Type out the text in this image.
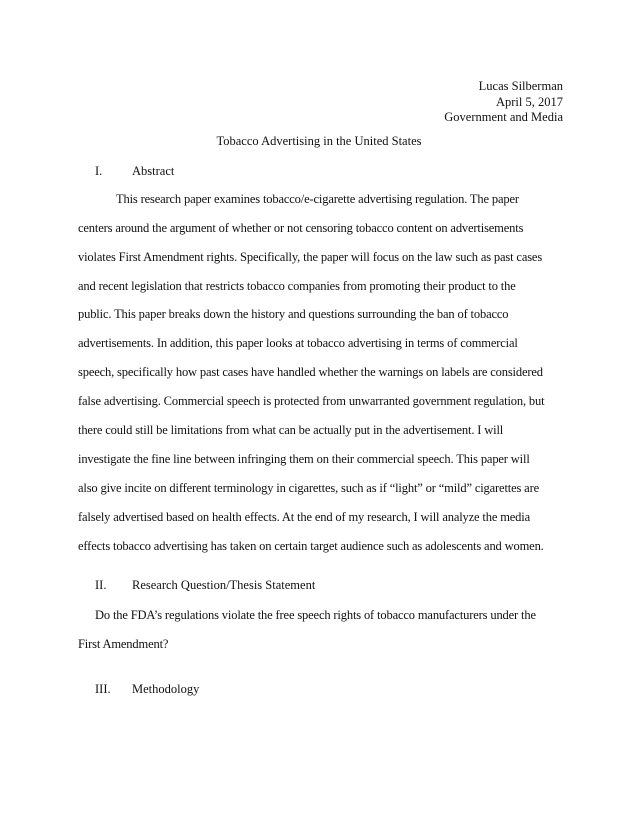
Lucas Silberman
April 5, 2017
Government and Media
Tobacco Advertising in the United States
I. Abstract
This research paper examines tobacco/e-cigarette advertising regulation. The paper
centers around the argument of whether or not censoring tobacco content on advertisements
violates First Amendment rights. Specifically, the paper will focus on the law such as past cases
and recent legislation that restricts tobacco companies from promoting their product to the
public. This paper breaks down the history and questions surrounding the ban of tobacco
advertisements. In addition, this paper looks at tobacco advertising in terms of commercial
speech, specifically how past cases have handled whether the warnings on labels are considered
false advertising. Commercial speech is protected from unwarranted government regulation, but
there could still be limitations from what can be actually put in the advertisement. I will
investigate the fine line between infringing them on their commercial speech. This paper will
also give incite on different terminology in cigarettes, such as if “light” or “mild” cigarettes are
falsely advertised based on health effects. At the end of my research, I will analyze the media
effects tobacco advertising has taken on certain target audience such as adolescents and women.
II. Research Question/Thesis Statement
Do the FDA’s regulations violate the free speech rights of tobacco manufacturers under the
First Amendment?
III. Methodology
